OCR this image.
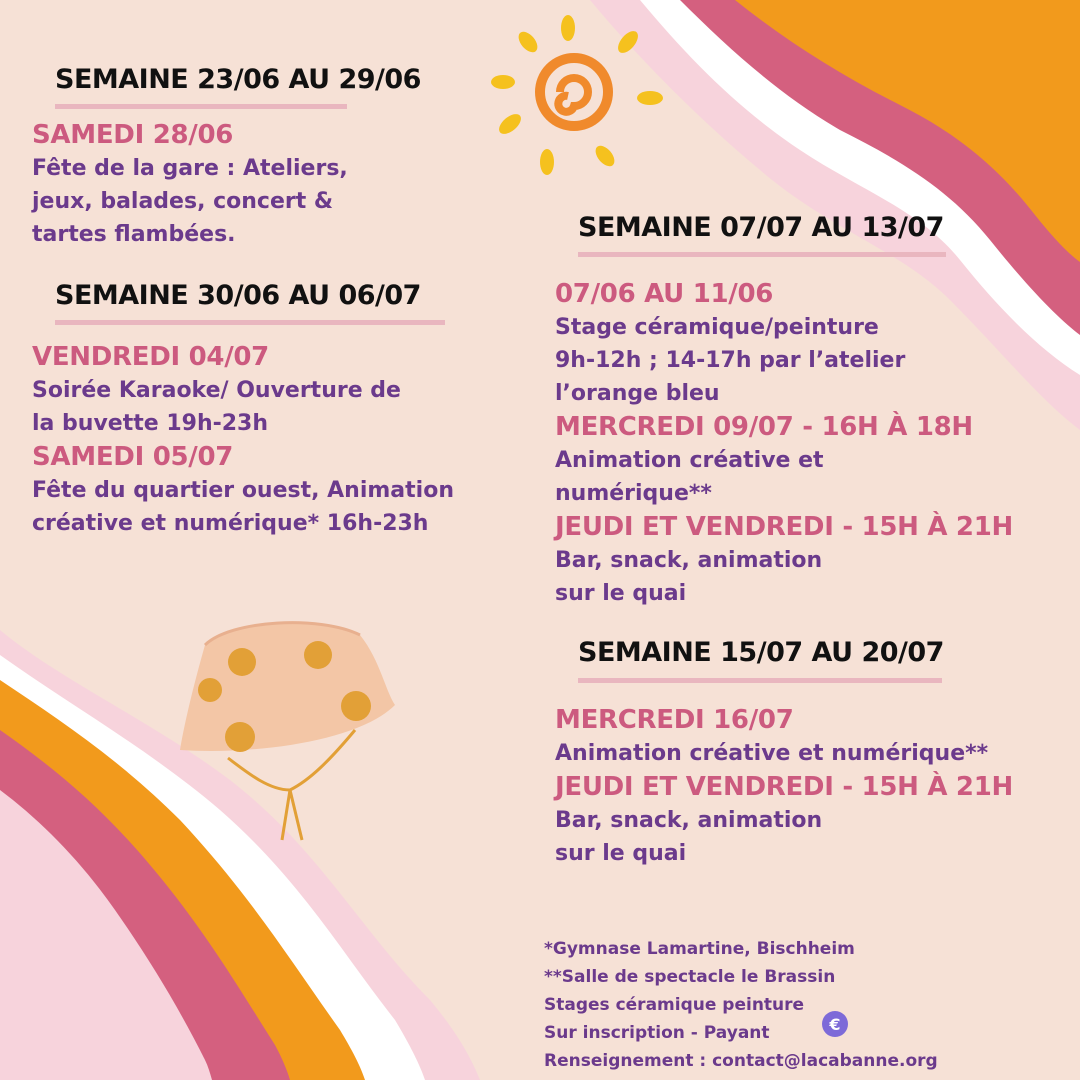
€
SEMAINE 23/06 AU 29/06
SAMEDI 28/06
Fête de la gare : Ateliers,
jeux, balades, concert &
tartes flambées.
SEMAINE 30/06 AU 06/07
VENDREDI 04/07
Soirée Karaoke/ Ouverture de
la buvette 19h-23h
SAMEDI 05/07
Fête du quartier ouest, Animation
créative et numérique* 16h-23h
SEMAINE 07/07 AU 13/07
07/06 AU 11/06
Stage céramique/peinture
9h-12h ; 14-17h par l’atelier
l’orange bleu
MERCREDI 09/07 - 16H À 18H
Animation créative et
numérique**
JEUDI ET VENDREDI - 15H À 21H
Bar, snack, animation
sur le quai
SEMAINE 15/07 AU 20/07
MERCREDI 16/07
Animation créative et numérique**
JEUDI ET VENDREDI - 15H À 21H
Bar, snack, animation
sur le quai
*Gymnase Lamartine, Bischheim
**Salle de spectacle le Brassin
Stages céramique peinture
Sur inscription - Payant
Renseignement : contact@lacabanne.org
